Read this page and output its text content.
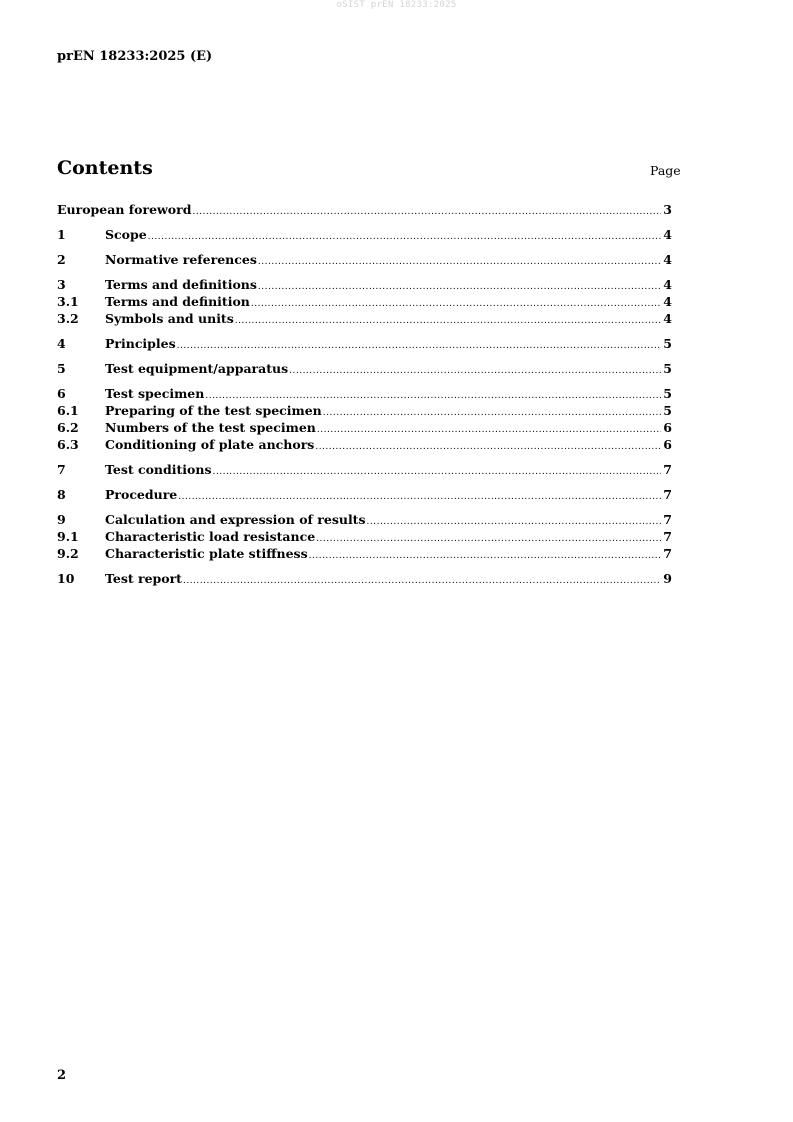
oSIST prEN 18233:2025
prEN 18233:2025 (E)
Contents	Page
European foreword .....	3
1	Scope .....	4
2	Normative references .....	4
3	Terms and definitions .....	4
3.1	Terms and definition .....	4
3.2	Symbols and units .....	4
4	Principles .....	5
5	Test equipment/apparatus .....	5
6	Test specimen .....	5
6.1	Preparing of the test specimen .....	5
6.2	Numbers of the test specimen .....	6
6.3	Conditioning of plate anchors .....	6
7	Test conditions .....	7
8	Procedure .....	7
9	Calculation and expression of results .....	7
9.1	Characteristic load resistance .....	7
9.2	Characteristic plate stiffness .....	7
10	Test report .....	9
2
